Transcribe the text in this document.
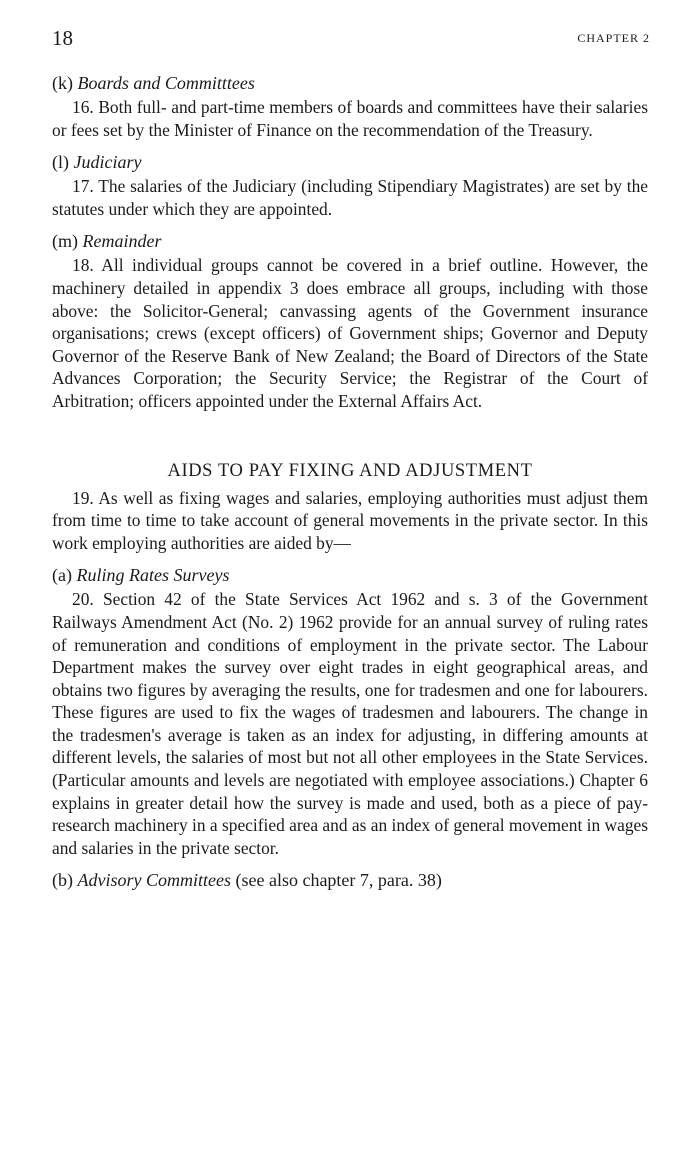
18	CHAPTER 2
(k) Boards and Committtees

16. Both full- and part-time members of boards and committees have their salaries or fees set by the Minister of Finance on the recommendation of the Treasury.

(l) Judiciary

17. The salaries of the Judiciary (including Stipendiary Magistrates) are set by the statutes under which they are appointed.

(m) Remainder

18. All individual groups cannot be covered in a brief outline. However, the machinery detailed in appendix 3 does embrace all groups, including with those above: the Solicitor-General; canvassing agents of the Government insurance organisations; crews (except officers) of Government ships; Governor and Deputy Governor of the Reserve Bank of New Zealand; the Board of Directors of the State Advances Corporation; the Security Service; the Registrar of the Court of Arbitration; officers appointed under the External Affairs Act.

AIDS TO PAY FIXING AND ADJUSTMENT

19. As well as fixing wages and salaries, employing authorities must adjust them from time to time to take account of general movements in the private sector. In this work employing authorities are aided by—

(a) Ruling Rates Surveys

20. Section 42 of the State Services Act 1962 and s. 3 of the Government Railways Amendment Act (No. 2) 1962 provide for an annual survey of ruling rates of remuneration and conditions of employment in the private sector. The Labour Department makes the survey over eight trades in eight geographical areas, and obtains two figures by averaging the results, one for tradesmen and one for labourers. These figures are used to fix the wages of tradesmen and labourers. The change in the tradesmen's average is taken as an index for adjusting, in differing amounts at different levels, the salaries of most but not all other employees in the State Services. (Particular amounts and levels are negotiated with employee associations.) Chapter 6 explains in greater detail how the survey is made and used, both as a piece of pay-research machinery in a specified area and as an index of general movement in wages and salaries in the private sector.

(b) Advisory Committees (see also chapter 7, para. 38)
